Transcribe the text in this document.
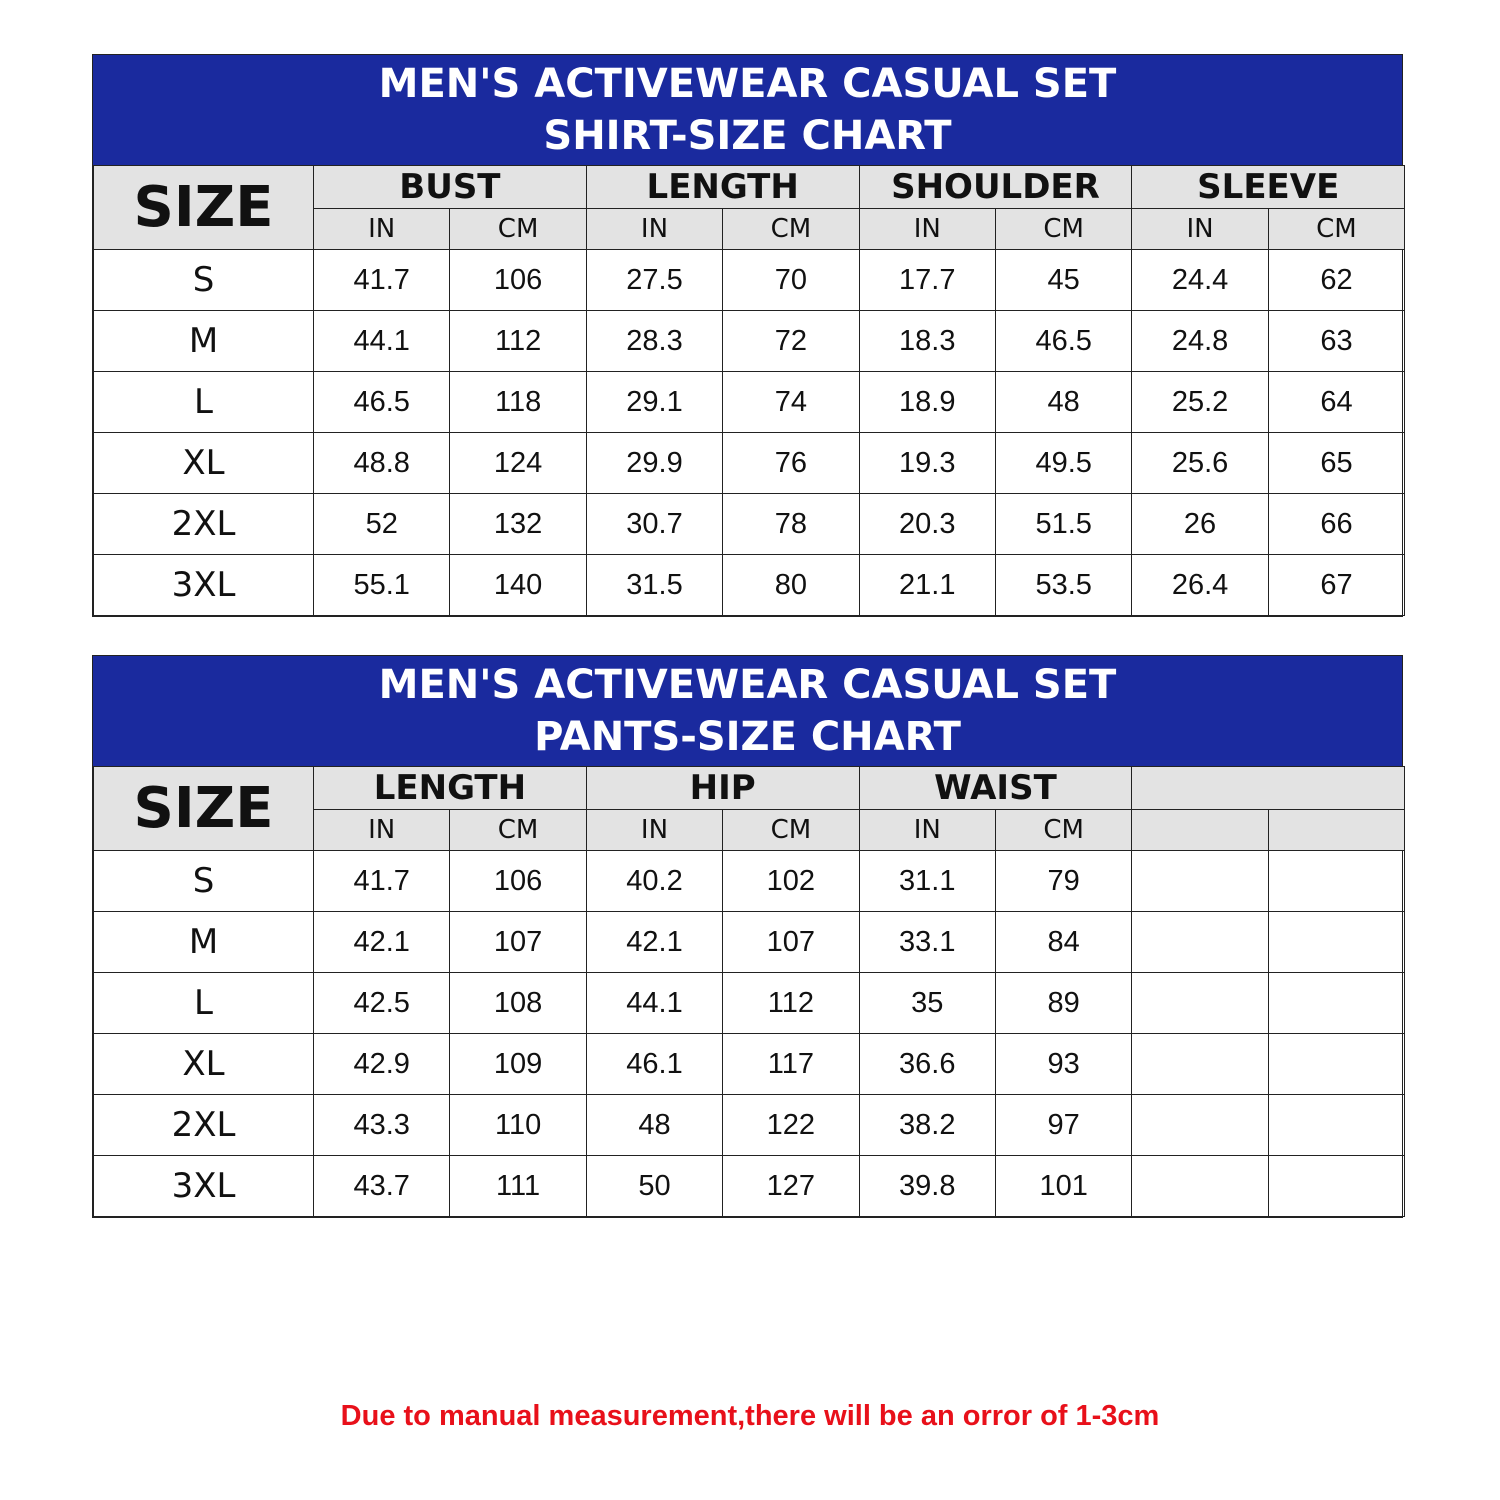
MEN'S ACTIVEWEAR CASUAL SET
SHIRT-SIZE CHART
SIZE	BUST		LENGTH		SHOULDER		SLEEVE	
	IN	CM	IN	CM	IN	CM	IN	CM
S	41.7	106	27.5	70	17.7	45	24.4	62
M	44.1	112	28.3	72	18.3	46.5	24.8	63
L	46.5	118	29.1	74	18.9	48	25.2	64
XL	48.8	124	29.9	76	19.3	49.5	25.6	65
2XL	52	132	30.7	78	20.3	51.5	26	66
3XL	55.1	140	31.5	80	21.1	53.5	26.4	67
MEN'S ACTIVEWEAR CASUAL SET
PANTS-SIZE CHART
SIZE	LENGTH		HIP		WAIST			
	IN	CM	IN	CM	IN	CM		
S	41.7	106	40.2	102	31.1	79		
M	42.1	107	42.1	107	33.1	84		
L	42.5	108	44.1	112	35	89		
XL	42.9	109	46.1	117	36.6	93		
2XL	43.3	110	48	122	38.2	97		
3XL	43.7	111	50	127	39.8	101		
Due to manual measurement,there will be an orror of 1-3cm
